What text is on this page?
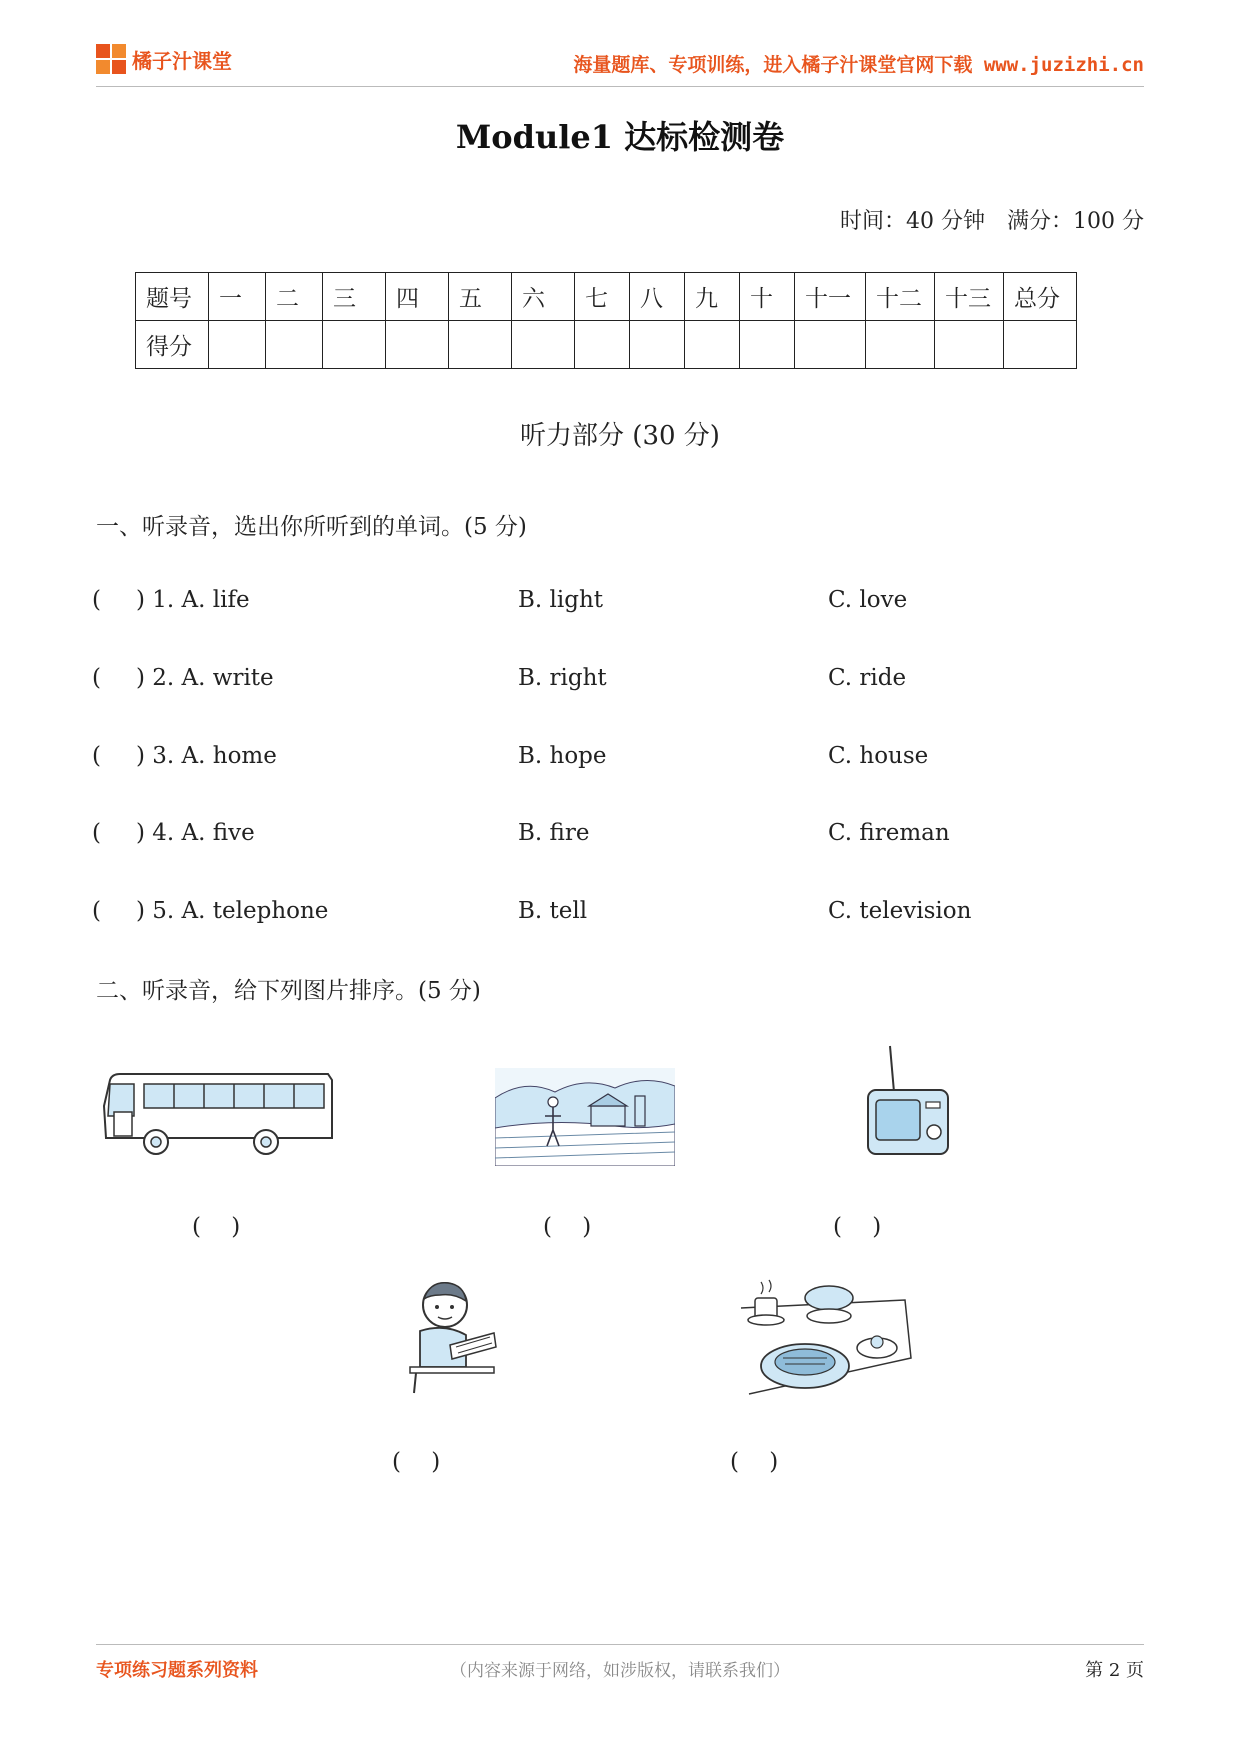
橘子汁课堂	海量题库、专项训练，进入橘子汁课堂官网下载 www.juzizhi.cn
Module1 达标检测卷
时间：40 分钟　满分：100 分
题号	一	二	三	四	五	六	七	八	九	十	十一	十二	十三	总分
得分														
听力部分 (30 分)
一、听录音，选出你所听到的单词。(5 分)
( ) 1. A. life	B. light	C. love
( ) 2. A. write	B. right	C. ride
( ) 3. A. home	B. hope	C. house
( ) 4. A. five	B. fire	C. fireman
( ) 5. A. telephone	B. tell	C. television
二、听录音，给下列图片排序。(5 分)
(　 )	(　 )	(　 )
(　 )	(　 )
专项练习题系列资料	（内容来源于网络，如涉版权，请联系我们）	第 2 页
